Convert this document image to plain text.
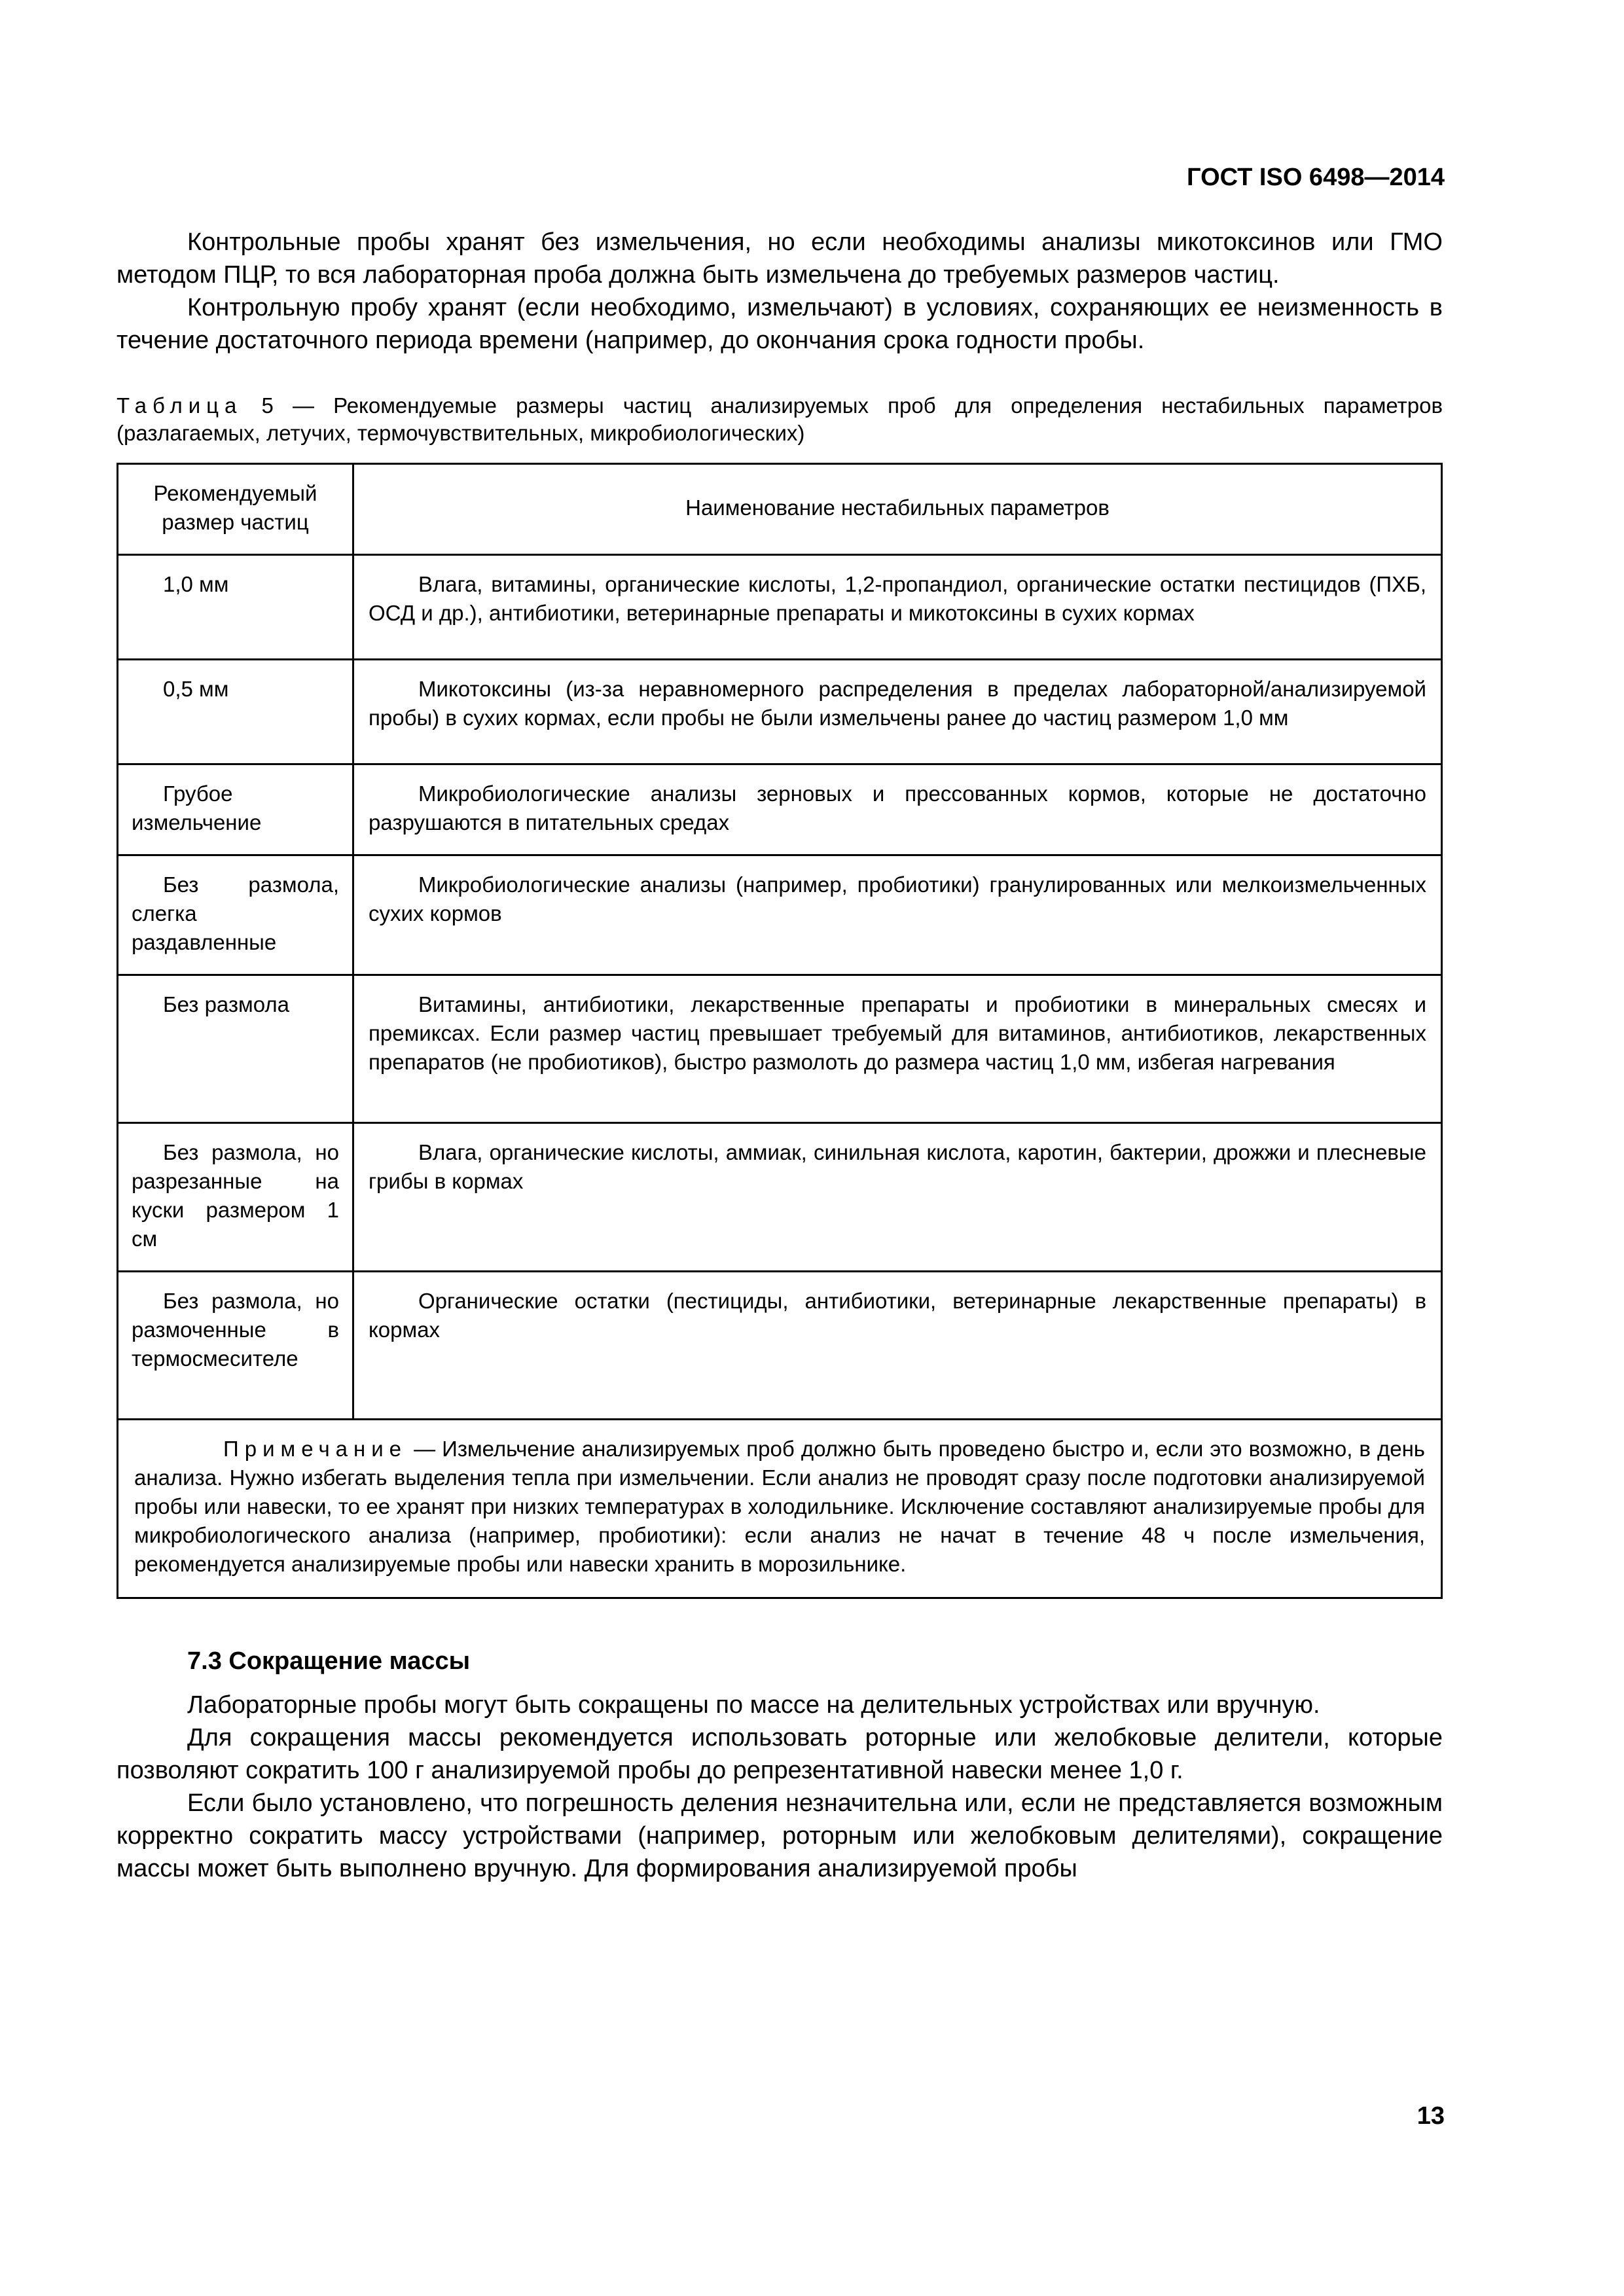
ГОСТ ISO 6498—2014

Контрольные пробы хранят без измельчения, но если необходимы анализы микотоксинов или ГМО методом ПЦР, то вся лабораторная проба должна быть измельчена до требуемых размеров частиц.

Контрольную пробу хранят (если необходимо, измельчают) в условиях, сохраняющих ее неизменность в течение достаточного периода времени (например, до окончания срока годности пробы.

Таблица 5 — Рекомендуемые размеры частиц анализируемых проб для определения нестабильных параметров (разлагаемых, летучих, термочувствительных, микробиологических)
Рекомендуемый размер частиц	Наименование нестабильных параметров
1,0 мм	Влага, витамины, органические кислоты, 1,2-пропандиол, органические остатки пестицидов (ПХБ, ОСД и др.), антибиотики, ветеринарные препараты и микотоксины в сухих кормах
0,5 мм	Микотоксины (из-за неравномерного распределения в пределах лабораторной/анализируемой пробы) в сухих кормах, если пробы не были измельчены ранее до частиц размером 1,0 мм
Грубое измельчение	Микробиологические анализы зерновых и прессованных кормов, которые не достаточно разрушаются в питательных средах
Без размола, слегка раздавленные	Микробиологические анализы (например, пробиотики) гранулированных или мелкоизмельченных сухих кормов
Без размола	Витамины, антибиотики, лекарственные препараты и пробиотики в минеральных смесях и премиксах. Если размер частиц превышает требуемый для витаминов, антибиотиков, лекарственных препаратов (не пробиотиков), быстро размолоть до размера частиц 1,0 мм, избегая нагревания
Без размола, но разрезанные на куски размером 1 см	Влага, органические кислоты, аммиак, синильная кислота, каротин, бактерии, дрожжи и плесневые грибы в кормах
Без размола, но размоченные в термосмесителе	Органические остатки (пестициды, антибиотики, ветеринарные лекарственные препараты) в кормах
Примечание — Измельчение анализируемых проб должно быть проведено быстро и, если это возможно, в день анализа. Нужно избегать выделения тепла при измельчении. Если анализ не проводят сразу после подготовки анализируемой пробы или навески, то ее хранят при низких температурах в холодильнике. Исключение составляют анализируемые пробы для микробиологического анализа (например, пробиотики): если анализ не начат в течение 48 ч после измельчения, рекомендуется анализируемые пробы или навески хранить в морозильнике.	
7.3 Сокращение массы

Лабораторные пробы могут быть сокращены по массе на делительных устройствах или вручную.

Для сокращения массы рекомендуется использовать роторные или желобковые делители, которые позволяют сократить 100 г анализируемой пробы до репрезентативной навески менее 1,0 г.

Если было установлено, что погрешность деления незначительна или, если не представляется возможным корректно сократить массу устройствами (например, роторным или желобковым делителями), сокращение массы может быть выполнено вручную. Для формирования анализируемой пробы

13
